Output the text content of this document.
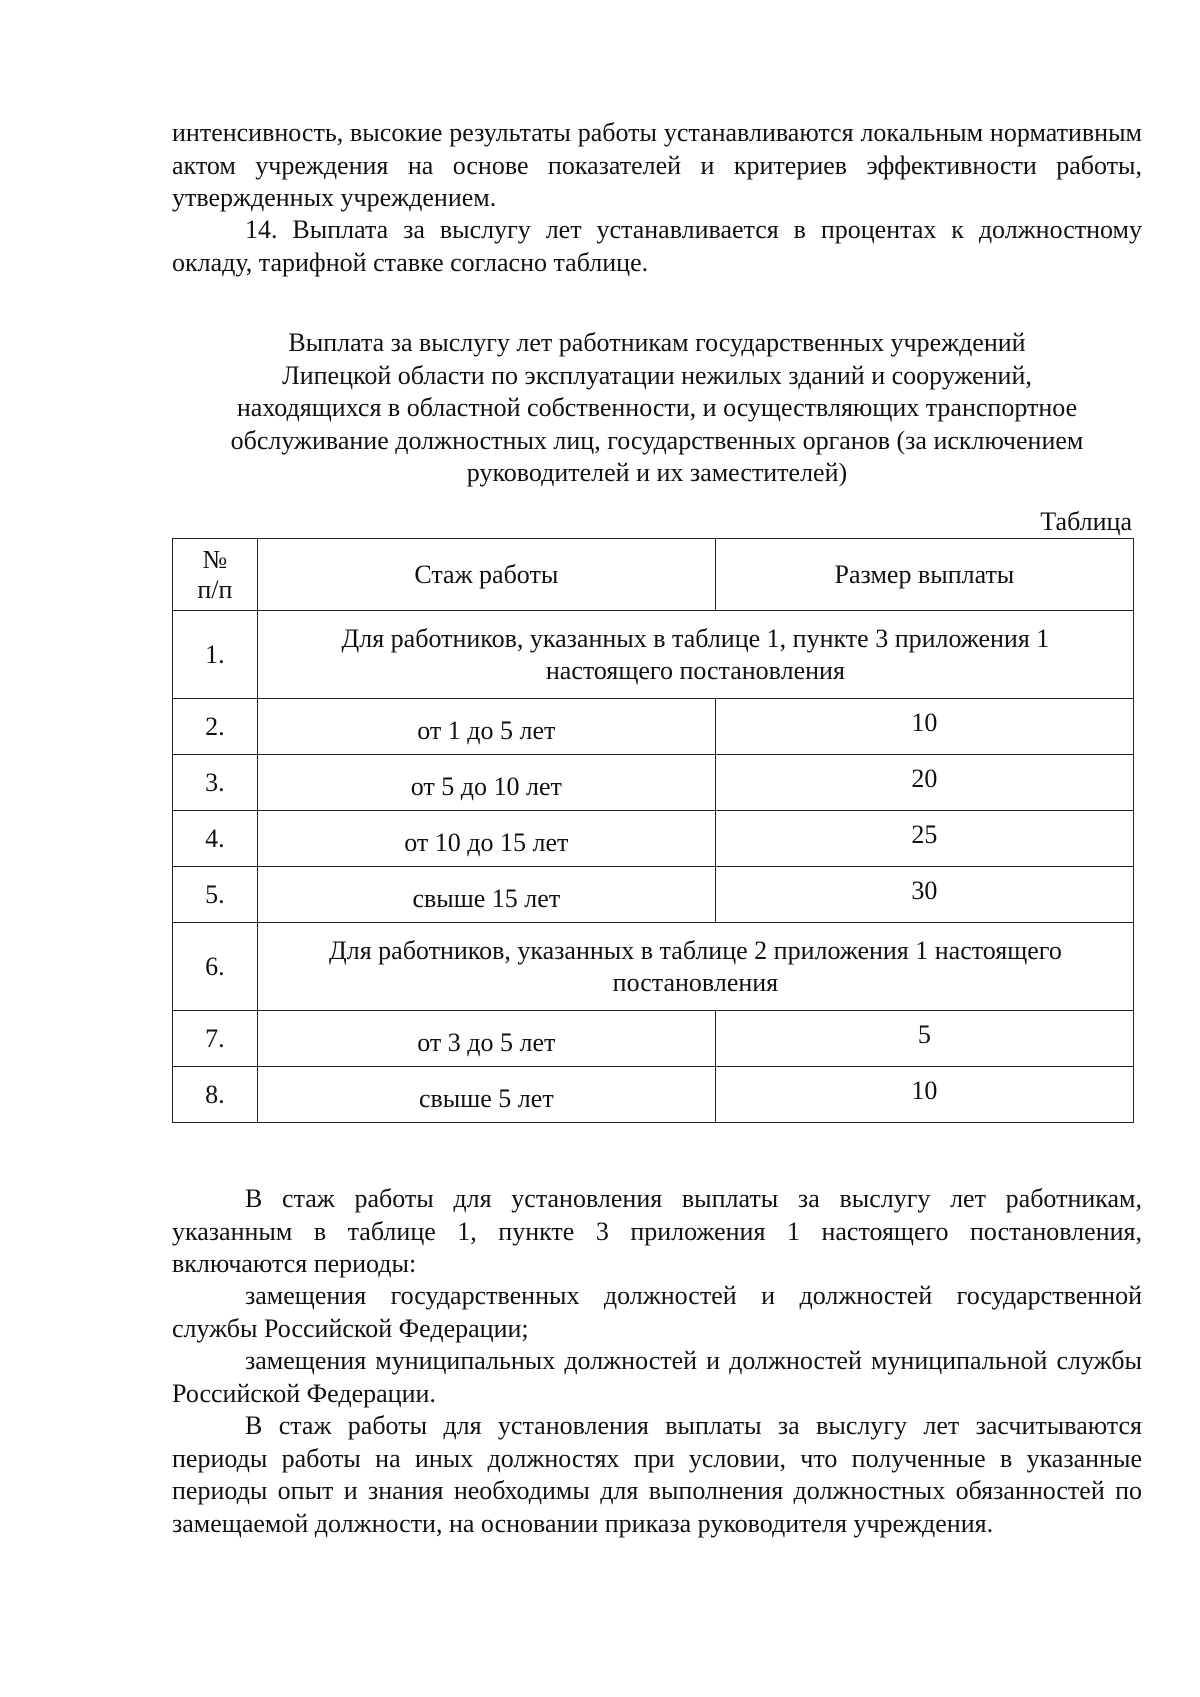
интенсивность, высокие результаты работы устанавливаются локальным нормативным актом учреждения на основе показателей и критериев эффективности работы, утвержденных учреждением.

14. Выплата за выслугу лет устанавливается в процентах к должностному окладу, тарифной ставке согласно таблице.

Выплата за выслугу лет работникам государственных учреждений
Липецкой области по эксплуатации нежилых зданий и сооружений,
находящихся в областной собственности, и осуществляющих транспортное
обслуживание должностных лиц, государственных органов (за исключением
руководителей и их заместителей)

Таблица

№
п/п	Стаж работы	Размер выплаты
1.	Для работников, указанных в таблице 1, пункте 3 приложения 1 настоящего постановления	
2.	от 1 до 5 лет	10
3.	от 5 до 10 лет	20
4.	от 10 до 15 лет	25
5.	свыше 15 лет	30
6.	Для работников, указанных в таблице 2 приложения 1 настоящего постановления	
7.	от 3 до 5 лет	5
8.	свыше 5 лет	10

В стаж работы для установления выплаты за выслугу лет работникам, указанным в таблице 1, пункте 3 приложения 1 настоящего постановления, включаются периоды:

замещения государственных должностей и должностей государственной службы Российской Федерации;

замещения муниципальных должностей и должностей муниципальной службы Российской Федерации.

В стаж работы для установления выплаты за выслугу лет засчитываются периоды работы на иных должностях при условии, что полученные в указанные периоды опыт и знания необходимы для выполнения должностных обязанностей по замещаемой должности, на основании приказа руководителя учреждения.
